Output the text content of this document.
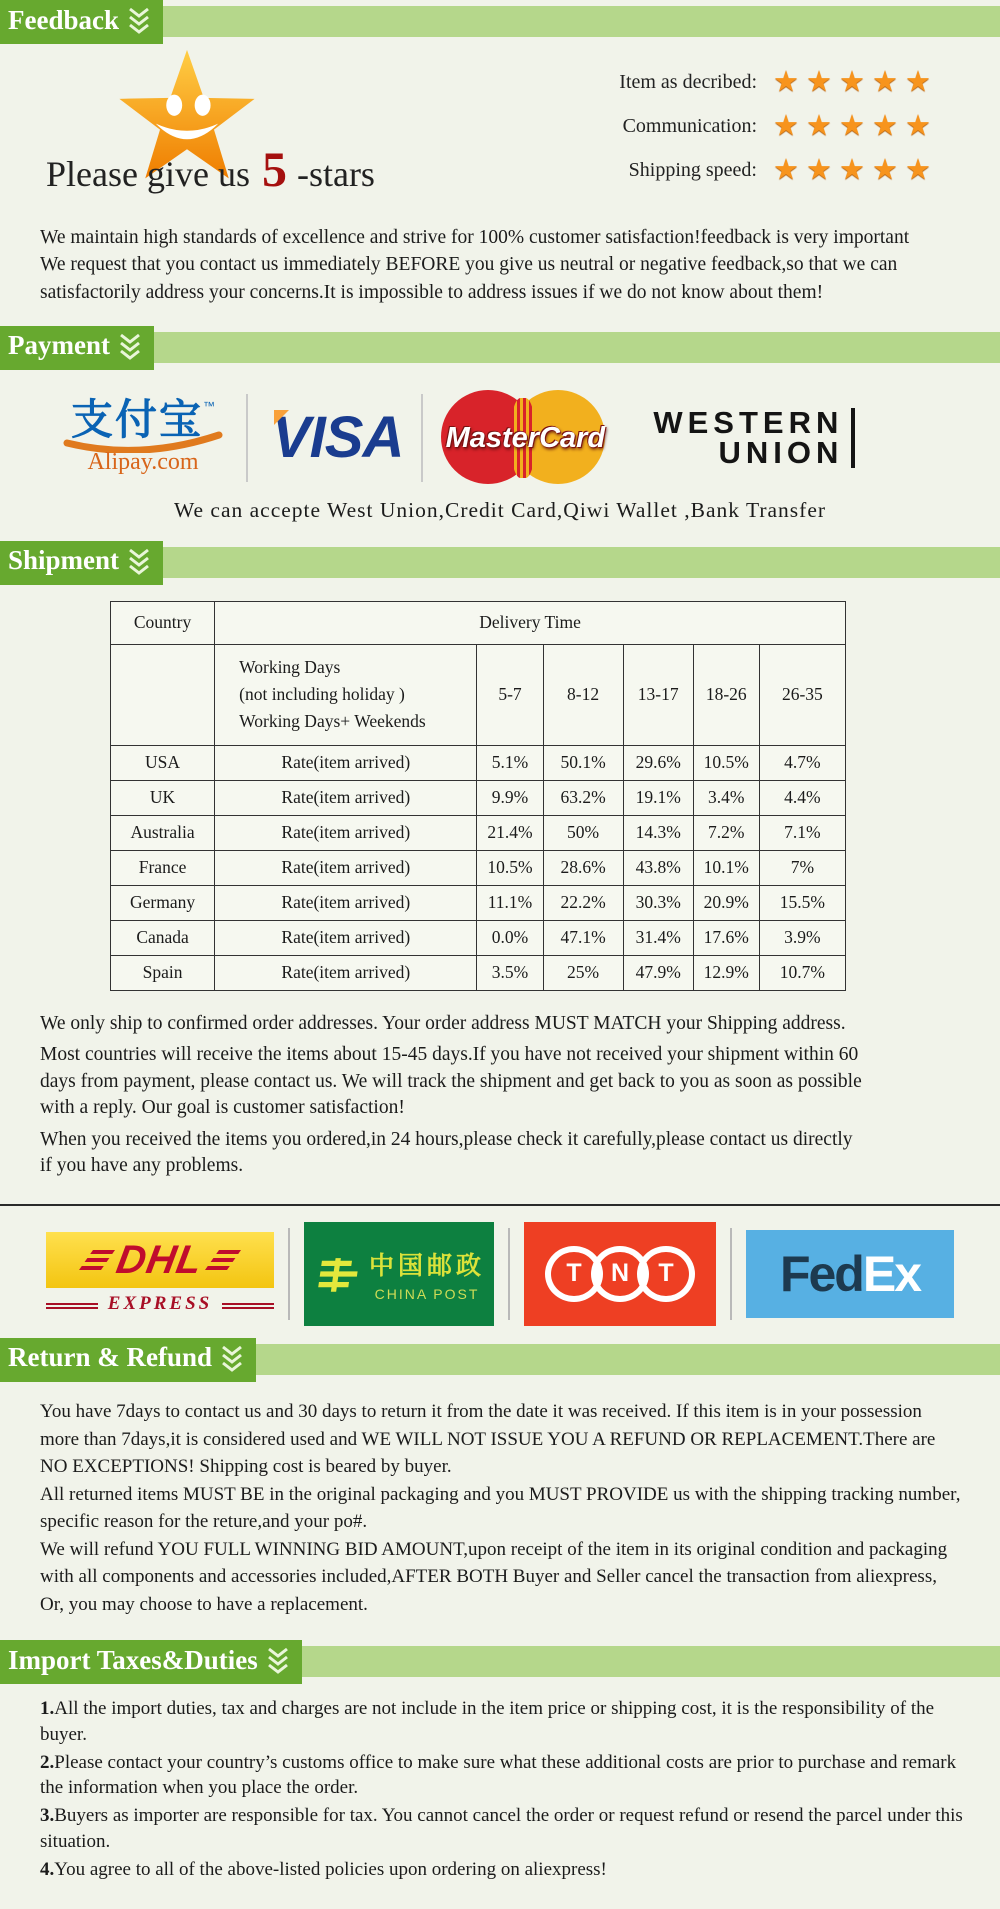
Feedback
Please give us 5 -stars
Item as decribed: ★★★★★
Communication: ★★★★★
Shipping speed: ★★★★★
We maintain high standards of excellence and strive for 100% customer satisfaction!feedback is very important
We request that you contact us immediately BEFORE you give us neutral or negative feedback,so that we can
satisfactorily address your concerns.It is impossible to address issues if we do not know about them!
Payment
支付宝™
Alipay.com	VISA MasterCard WESTERN
UNION
We can accepte West Union,Credit Card,Qiwi Wallet ,Bank Transfer
Shipment
Country	Delivery Time					

	Working Days
(not including holiday )
Working Days+ Weekends	5-7	8-12	13-17	18-26	26-35
USA	Rate(item arrived)	5.1%	50.1%	29.6%	10.5%	4.7%
UK	Rate(item arrived)	9.9%	63.2%	19.1%	3.4%	4.4%
Australia	Rate(item arrived)	21.4%	50%	14.3%	7.2%	7.1%
France	Rate(item arrived)	10.5%	28.6%	43.8%	10.1%	7%
Germany	Rate(item arrived)	11.1%	22.2%	30.3%	20.9%	15.5%
Canada	Rate(item arrived)	0.0%	47.1%	31.4%	17.6%	3.9%
Spain	Rate(item arrived)	3.5%	25%	47.9%	12.9%	10.7%
We only ship to confirmed order addresses. Your order address MUST MATCH your Shipping address.
Most countries will receive the items about 15-45 days.If you have not received your shipment within 60
days from payment, please contact us. We will track the shipment and get back to you as soon as possible
with a reply. Our goal is customer satisfaction!
When you received the items you ordered,in 24 hours,please check it carefully,please contact us directly
if you have any problems.
DHL
EXPRESS
中国邮政
CHINA POST
T	N	T	Fed Ex
Return & Refund
You have 7days to contact us and 30 days to return it from the date it was received. If this item is in your possession
more than 7days,it is considered used and WE WILL NOT ISSUE YOU A REFUND OR REPLACEMENT.There are
NO EXCEPTIONS! Shipping cost is beared by buyer.
All returned items MUST BE in the original packaging and you MUST PROVIDE us with the shipping tracking number,
specific reason for the reture,and your po#.
We will refund YOU FULL WINNING BID AMOUNT,upon receipt of the item in its original condition and packaging
with all components and accessories included,AFTER BOTH Buyer and Seller cancel the transaction from aliexpress,
Or, you may choose to have a replacement.
Import Taxes&Duties
1.All the import duties, tax and charges are not include in the item price or shipping cost, it is the responsibility of the buyer.
2.Please contact your country’s customs office to make sure what these additional costs are prior to purchase and remark the information when you place the order.
3.Buyers as importer are responsible for tax. You cannot cancel the order or request refund or resend the parcel under this situation.
4.You agree to all of the above-listed policies upon ordering on aliexpress!
